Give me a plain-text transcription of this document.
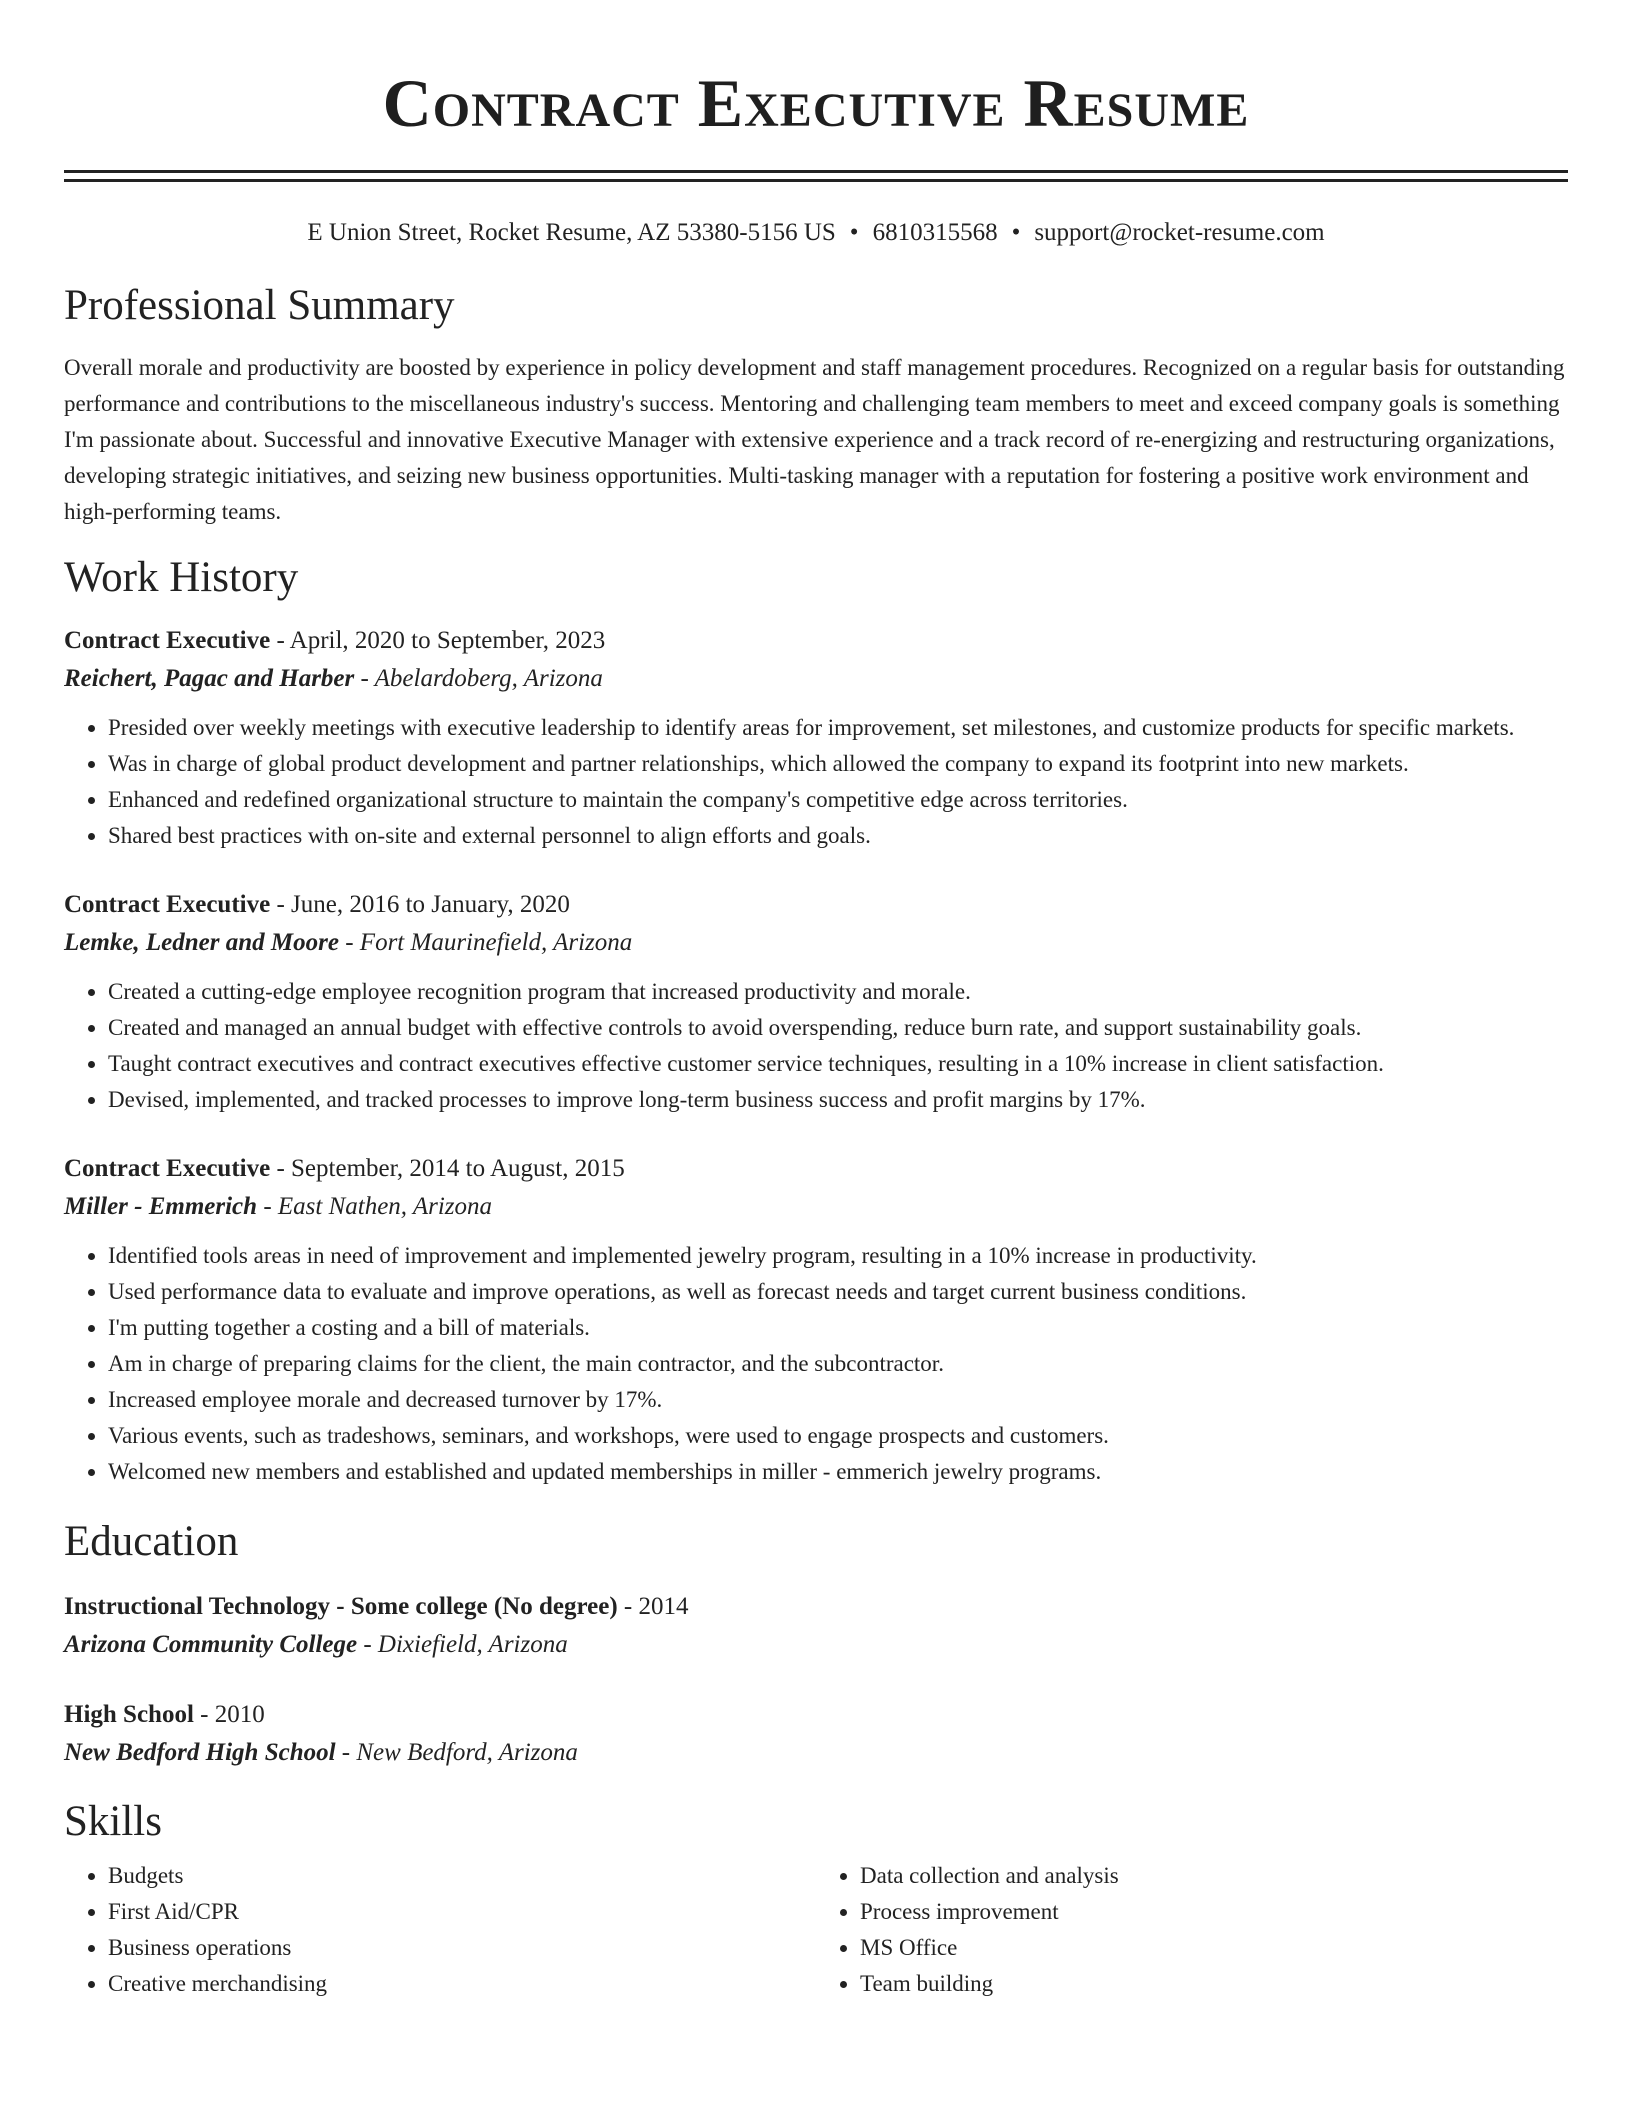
Contract Executive Resume
E Union Street, Rocket Resume, AZ 53380-5156 US • 6810315568 • support@rocket-resume.com
Professional Summary

Overall morale and productivity are boosted by experience in policy development and staff management procedures. Recognized on a regular basis for outstanding performance and contributions to the miscellaneous industry's success. Mentoring and challenging team members to meet and exceed company goals is something I'm passionate about. Successful and innovative Executive Manager with extensive experience and a track record of re-energizing and restructuring organizations, developing strategic initiatives, and seizing new business opportunities. Multi-tasking manager with a reputation for fostering a positive work environment and high-performing teams.

Work History
Contract Executive - April, 2020 to September, 2023
Reichert, Pagac and Harber - Abelardoberg, Arizona
• Presided over weekly meetings with executive leadership to identify areas for improvement, set milestones, and customize products for specific markets.
• Was in charge of global product development and partner relationships, which allowed the company to expand its footprint into new markets.
• Enhanced and redefined organizational structure to maintain the company's competitive edge across territories.
• Shared best practices with on-site and external personnel to align efforts and goals.
Contract Executive - June, 2016 to January, 2020
Lemke, Ledner and Moore - Fort Maurinefield, Arizona
• Created a cutting-edge employee recognition program that increased productivity and morale.
• Created and managed an annual budget with effective controls to avoid overspending, reduce burn rate, and support sustainability goals.
• Taught contract executives and contract executives effective customer service techniques, resulting in a 10% increase in client satisfaction.
• Devised, implemented, and tracked processes to improve long-term business success and profit margins by 17%.
Contract Executive - September, 2014 to August, 2015
Miller - Emmerich - East Nathen, Arizona
• Identified tools areas in need of improvement and implemented jewelry program, resulting in a 10% increase in productivity.
• Used performance data to evaluate and improve operations, as well as forecast needs and target current business conditions.
• I'm putting together a costing and a bill of materials.
• Am in charge of preparing claims for the client, the main contractor, and the subcontractor.
• Increased employee morale and decreased turnover by 17%.
• Various events, such as tradeshows, seminars, and workshops, were used to engage prospects and customers.
• Welcomed new members and established and updated memberships in miller - emmerich jewelry programs.
Education
Instructional Technology - Some college (No degree) - 2014
Arizona Community College - Dixiefield, Arizona
High School - 2010
New Bedford High School - New Bedford, Arizona
Skills
• Budgets
• First Aid/CPR
• Business operations
• Creative merchandising
• Data collection and analysis
• Process improvement
• MS Office
• Team building
